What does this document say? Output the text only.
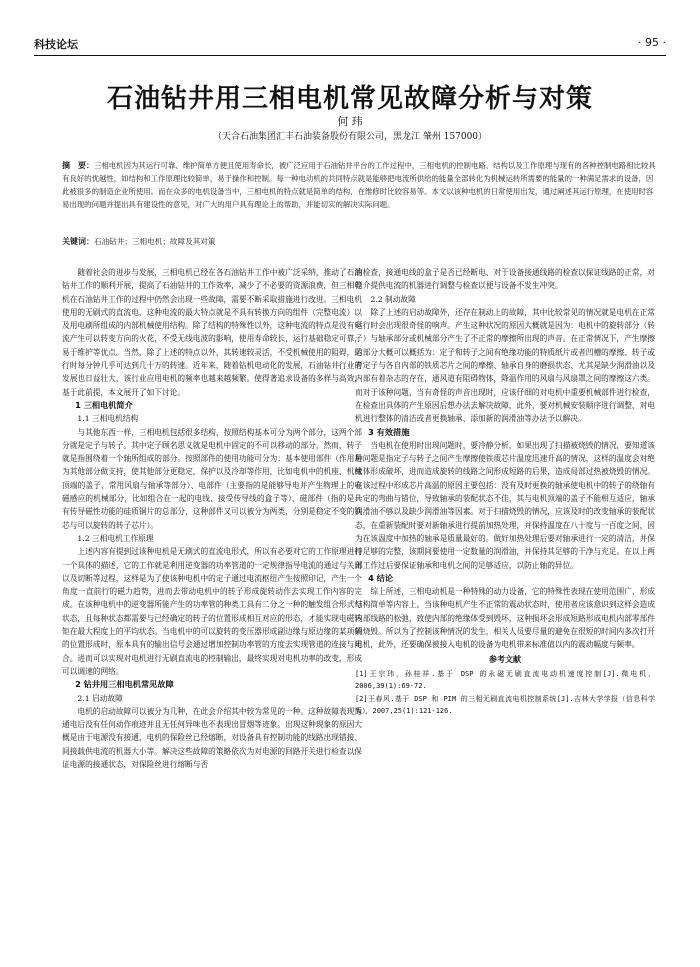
科技论坛	· 95 ·
石油钻井用三相电机常见故障分析与对策
何 玮
（天合石油集团汇丰石油装备股份有限公司，黑龙江 肇州 157000）
摘　要：三相电机因为其运行可靠、维护简单方便且使用寿命长，被广泛应用于石油钻井平台的工作过程中，三相电机的控制电路、结构以及工作原理与现有的各种控制电路相比较具有良好的优越性，如结构和工作原理比较简单，易于操作和控制。每一种电动机的共同特点就是能够把电流所供给的能量全部转化为机械运转所需要的能量的一种满足需求的设备，因此被很多的制造企业所使用。而在众多的电机设备当中，三相电机的特点就是简单的结构，在维修时比较容易等。本文以该种电机的日常使用出发，通过阐述其运行原理，在使用时容易出现的问题并提出具有建设性的意见，对广大的用户具有理论上的帮助，并能切实的解决实际问题。
关键词：石油钻井；三相电机；故障及其对策
随着社会的进步与发展，三相电机已经在各石油钻井工作中被广泛采纳，推动了石油钻井工作的顺利开展，提高了石油钻井的工作效率，减少了不必要的资源浪费，但三相电机在石油钻井工作的过程中仍然会出现一些故障，需要不断采取措施进行改进。三相电机使用的无刷式的直流电，这种电流的最大特点就是不具有转换方向的组件（完整电流）以及用电刷所组成的内部机械使用结构。除了结构的特殊性以外，这种电流的特点是没有电流产生可以转变方向的火花，不受无线电波的影响，使用寿命较长，运行基础稳定可靠，易于维护等优点。当然，除了上述的特点以外，其转速较灵活，不受机械使用的阻碍，运行时每分钟几乎可达到几十万的转速。近年来，随着钻机电动化的发展，石油钻井行业的发展也日益壮大，该行业应用电机的频率也越来越频繁。使得著追求设备的多样与高效，基于此前提，本文展开了如下讨论。
1 三相电机简介
1.1 三相电机结构
与其他东西一样，三相电机包括很多结构，按照结构基本可分为两个部分，这两个部分就是定子与转子。其中定子顾名思义就是电机中固定的不可以移动的部分，然而，转子就是指围绕着一个轴所组成的部分。按照部件的使用功能可分为：基本使用部件（作用是为其他部分做支持，使其他部分更稳定，保护以及冷却等作用，比如电机中的机座、机械顶端的盖子、常用风扇与轴承等部分）、电部件（主要指的是能够导电并产生物理上的电磁感应的机械部分，比如组合在一起的电线、接受传导线的盒子等）、磁部件（指的是具有传导磁性功能的硅质铜片的总部分，这种部件又可以被分为两类，分别是稳定不变的铁芯与可以旋转的转子芯片）。
1.2 三相电机工作原理
上述内容有提到过该种电机是无刷式的直流电形式，所以有必要对它的工作原理进行一个具体的描述，它的工作就是利用逆变器的功率管道的一定规律指导电流的通过与关闭以及切断等过程，这样是为了使该种电机中的定子通过电流枢纽产生按照印记，产生一个角度一直前行的磁力趋势，进而去带动电机中的转子形成旋转动作去实现工作内容的完成。在该种电机中的逆变器所能产生的功率管的种类工具有二分之一种的触发组合形式与状态，且每种状态都需要与已经确定的转子的位置形成相互对应的形态，才能实现电磁转矩在最大程度上的平均状态。当电机中的可以旋转的变压器形成副边缘与原边缘的某项频的位置形成时，原本具有的输出信号会通过增加控制功率管的方度去实现管道的连接与闭合。进而可以实现对电机进行无刷直流电的控制输出，最终实现对电机功率的改变，形成可以调速的网络。
2 钻井用三相电机常见故障
2.1 启动故障
电机的启动故障可以被分为几种，在此会介绍其中较为常见的一种。这种故障表现为通电后没有任何动作痕迹并且无任何异味也不表现出冒烟等迹象。出现这种现象的原因大概是由于电源没有接通，电机的保险丝已经熔断，对设备具有控制功能的线路出现错接、间接载供电流的机器大小等。解决这些故障的策略依次为对电源的回路开关进行检查以保证电源的接通状态，对保险丝进行熔断与否
的检查，接通电线的盒子是否已经断电、对于设备接通线路的检查以保证线路的正常，对简介提供电流的机器进行调整与检查以便与设备不发生冲突。
2.2 制动故障
除了上述的启动故障外，还存在制动上的故障，其中比较常见的情况就是电机在正常运行时会出现很奇怪的响声。产生这种状况的原因大概就是因为：电机中的旋转部分（转子）与轴承部分或机械部分产生了不正常的摩擦所出现的声音。在正常情况下，产生摩擦的部分大概可以概括为：定子和转子之间有绝缘功能的特质纸片或者凹槽的摩擦、转子或者定子与各自内部的铁质芯片之间的摩擦、轴承自身的磨损状态、尤其是缺少润滑油以及内部有着杂志的存在，通风道有阻碍物体，降温作用的风扇与风扇罩之间的摩擦这六类。而对于该种问题，当有奇怪的声音出现时，应该仔细的对电机中重要机械部件进行检查，在检查出具体的产生原因后想办法去解决故障，此外，要对机械安装顺序进行调整，对电机进行整体的清洁或者更换轴承、添加新的润滑油等办法予以解决。
3 有效措施
当电机在使用时出现问题时，要冷静分析，如果出现了扫描被烧毁的情况，要知道该种问题是指定子与转子之间产生摩擦使铁质芯片温度迅速升高的情况，这样的温度会对绝缘体形成破坏，进而造成旋转的线路之间形成短路的后果，造成局部过热被烧毁的情况。在该过程中形成芯片高温的原因主要包括：没有及时更换的轴承使电机中的转子的绕轴有一定的弯曲与错位，导致轴承的装配状态不佳，其与电机顶端的盖子不能相互适应，轴承润滑油不够以及缺少润滑油等因素。对于扫描烧毁的情况，应该及时的改变轴承的装配状态，在重新装配时要对新轴承进行提前加热处理，并保持温度在八十度与一百度之间，因为在该温度中加热的轴承是质量最好的。做好加热处理后要对轴承进行一定的清洁，并保持足够的完整，该期间要使用一定数量的润滑油，并保持其足够的干净与充足。在以上两部工作过后要保证轴承和电机之间的足够适应，以防止轴的异位。
4 结论
综上所述，三相电动机是一种特殊的动力设备，它的特殊性表现在使用范围广、形成结构简单等内容上。当该种电机产生不正常的震动状态时，使用者应该意识到这样会造成内部线路的松弛，致使内部的绝缘体受到毁坏，这种损坏会形成短路形成电机内部零部件的烧毁。所以为了控制该种情况的发生，相关人员要尽量的避免在很短的时间内多次打开电机，此外，还要确保被接入电机的设备为电机带来标准值以内的震动幅度与频率。
参考文献
[1]王宗玮，孙桂祥.基于 DSP 的永磁无刷直流电动机速度控制[J].微电机，2006,39(1):69-72.
[2]王春风.基于 DSP 和 PIM 的三相无刷直流电机控制系统[J].吉林大学学报（信息科学版），2007,25(1):121-126.
